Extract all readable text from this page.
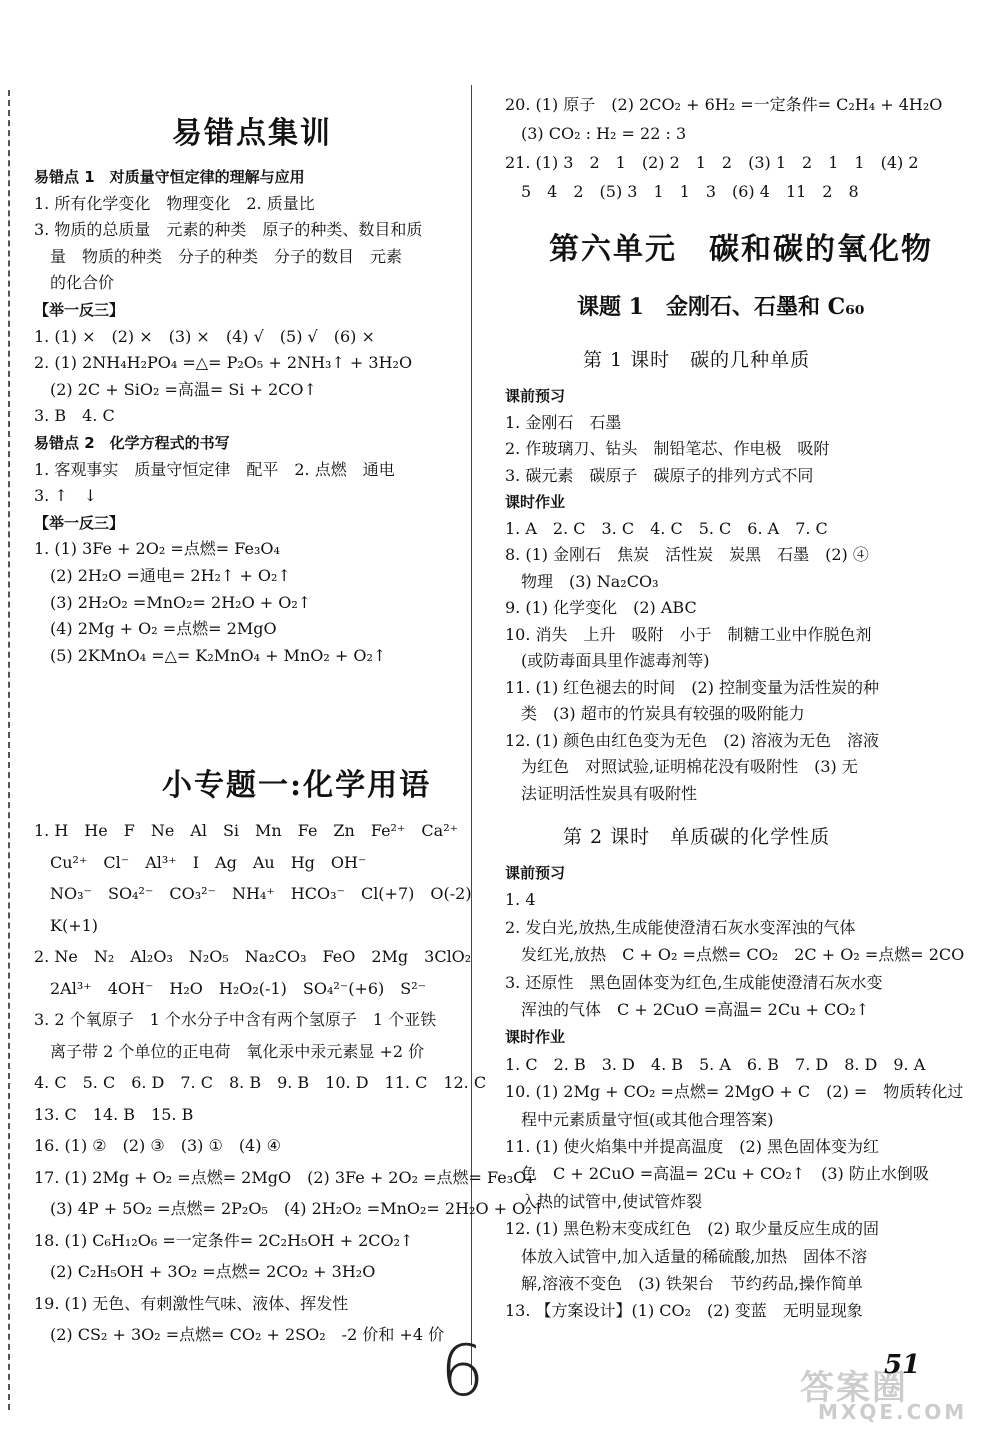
易错点集训
易错点 1　对质量守恒定律的理解与应用
1. 所有化学变化　物理变化　2. 质量比
3. 物质的总质量　元素的种类　原子的种类、数目和质
　量　物质的种类　分子的种类　分子的数目　元素
　的化合价
【举一反三】
1. (1) ×　(2) ×　(3) ×　(4) √　(5) √　(6) ×
2. (1) 2NH₄H₂PO₄ =△= P₂O₅ + 2NH₃↑ + 3H₂O
　(2) 2C + SiO₂ =高温= Si + 2CO↑
3. B　4. C
易错点 2　化学方程式的书写
1. 客观事实　质量守恒定律　配平　2. 点燃　通电
3. ↑　↓
【举一反三】
1. (1) 3Fe + 2O₂ =点燃= Fe₃O₄
　(2) 2H₂O =通电= 2H₂↑ + O₂↑
　(3) 2H₂O₂ =MnO₂= 2H₂O + O₂↑
　(4) 2Mg + O₂ =点燃= 2MgO
　(5) 2KMnO₄ =△= K₂MnO₄ + MnO₂ + O₂↑
小专题一:化学用语
1. H　He　F　Ne　Al　Si　Mn　Fe　Zn　Fe²⁺　Ca²⁺
　Cu²⁺　Cl⁻　Al³⁺　I　Ag　Au　Hg　OH⁻
　NO₃⁻　SO₄²⁻　CO₃²⁻　NH₄⁺　HCO₃⁻　Cl(+7)　O(-2)
　K(+1)
2. Ne　N₂　Al₂O₃　N₂O₅　Na₂CO₃　FeO　2Mg　3ClO₂
　2Al³⁺　4OH⁻　H₂O　H₂O₂(-1)　SO₄²⁻(+6)　S²⁻
3. 2 个氧原子　1 个水分子中含有两个氢原子　1 个亚铁
　离子带 2 个单位的正电荷　氧化汞中汞元素显 +2 价
4. C　5. C　6. D　7. C　8. B　9. B　10. D　11. C　12. C
13. C　14. B　15. B
16. (1) ②　(2) ③　(3) ①　(4) ④
17. (1) 2Mg + O₂ =点燃= 2MgO　(2) 3Fe + 2O₂ =点燃= Fe₃O₄
　(3) 4P + 5O₂ =点燃= 2P₂O₅　(4) 2H₂O₂ =MnO₂= 2H₂O + O₂↑
18. (1) C₆H₁₂O₆ =一定条件= 2C₂H₅OH + 2CO₂↑
　(2) C₂H₅OH + 3O₂ =点燃= 2CO₂ + 3H₂O
19. (1) 无色、有刺激性气味、液体、挥发性
　(2) CS₂ + 3O₂ =点燃= CO₂ + 2SO₂　-2 价和 +4 价
20. (1) 原子　(2) 2CO₂ + 6H₂ =一定条件= C₂H₄ + 4H₂O
　(3) CO₂ : H₂ = 22 : 3
21. (1) 3　2　1　(2) 2　1　2　(3) 1　2　1　1　(4) 2
　5　4　2　(5) 3　1　1　3　(6) 4　11　2　8
第六单元　碳和碳的氧化物
课题 1　金刚石、石墨和 C₆₀
第 1 课时　碳的几种单质
课前预习
1. 金刚石　石墨
2. 作玻璃刀、钻头　制铅笔芯、作电极　吸附
3. 碳元素　碳原子　碳原子的排列方式不同
课时作业
1. A　2. C　3. C　4. C　5. C　6. A　7. C
8. (1) 金刚石　焦炭　活性炭　炭黑　石墨　(2) ④
　物理　(3) Na₂CO₃
9. (1) 化学变化　(2) ABC
10. 消失　上升　吸附　小于　制糖工业中作脱色剂
　(或防毒面具里作滤毒剂等)
11. (1) 红色褪去的时间　(2) 控制变量为活性炭的种
　类　(3) 超市的竹炭具有较强的吸附能力
12. (1) 颜色由红色变为无色　(2) 溶液为无色　溶液
　为红色　对照试验,证明棉花没有吸附性　(3) 无
　法证明活性炭具有吸附性
第 2 课时　单质碳的化学性质
课前预习
1. 4
2. 发白光,放热,生成能使澄清石灰水变浑浊的气体
　发红光,放热　C + O₂ =点燃= CO₂　2C + O₂ =点燃= 2CO
3. 还原性　黑色固体变为红色,生成能使澄清石灰水变
　浑浊的气体　C + 2CuO =高温= 2Cu + CO₂↑
课时作业
1. C　2. B　3. D　4. B　5. A　6. B　7. D　8. D　9. A
10. (1) 2Mg + CO₂ =点燃= 2MgO + C　(2) =　物质转化过
　程中元素质量守恒(或其他合理答案)
11. (1) 使火焰集中并提高温度　(2) 黑色固体变为红
　色　C + 2CuO =高温= 2Cu + CO₂↑　(3) 防止水倒吸
　入热的试管中,使试管炸裂
12. (1) 黑色粉末变成红色　(2) 取少量反应生成的固
　体放入试管中,加入适量的稀硫酸,加热　固体不溶
　解,溶液不变色　(3) 铁架台　节约药品,操作简单
13. 【方案设计】(1) CO₂　(2) 变蓝　无明显现象
6	答案圈
MXQE.COM
51
